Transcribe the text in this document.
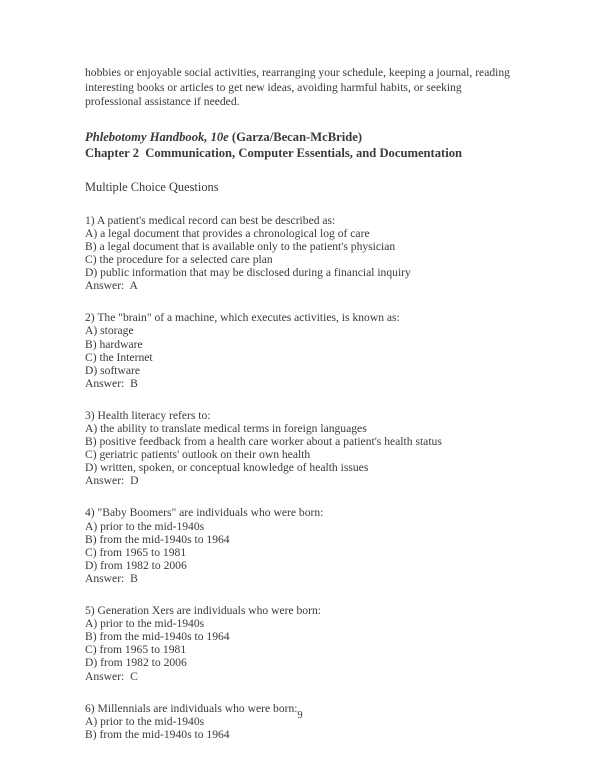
hobbies or enjoyable social activities, rearranging your schedule, keeping a journal, reading interesting books or articles to get new ideas, avoiding harmful habits, or seeking professional assistance if needed.

Phlebotomy Handbook, 10e (Garza/Becan-McBride)
Chapter 2  Communication, Computer Essentials, and Documentation
Multiple Choice Questions
1) A patient's medical record can best be described as:
A) a legal document that provides a chronological log of care
B) a legal document that is available only to the patient's physician
C) the procedure for a selected care plan
D) public information that may be disclosed during a financial inquiry
Answer:  A
2) The "brain" of a machine, which executes activities, is known as:
A) storage
B) hardware
C) the Internet
D) software
Answer:  B
3) Health literacy refers to:
A) the ability to translate medical terms in foreign languages
B) positive feedback from a health care worker about a patient's health status
C) geriatric patients' outlook on their own health
D) written, spoken, or conceptual knowledge of health issues
Answer:  D
4) "Baby Boomers" are individuals who were born:
A) prior to the mid-1940s
B) from the mid-1940s to 1964
C) from 1965 to 1981
D) from 1982 to 2006
Answer:  B
5) Generation Xers are individuals who were born:
A) prior to the mid-1940s
B) from the mid-1940s to 1964
C) from 1965 to 1981
D) from 1982 to 2006
Answer:  C
6) Millennials are individuals who were born:
A) prior to the mid-1940s
B) from the mid-1940s to 1964
9
